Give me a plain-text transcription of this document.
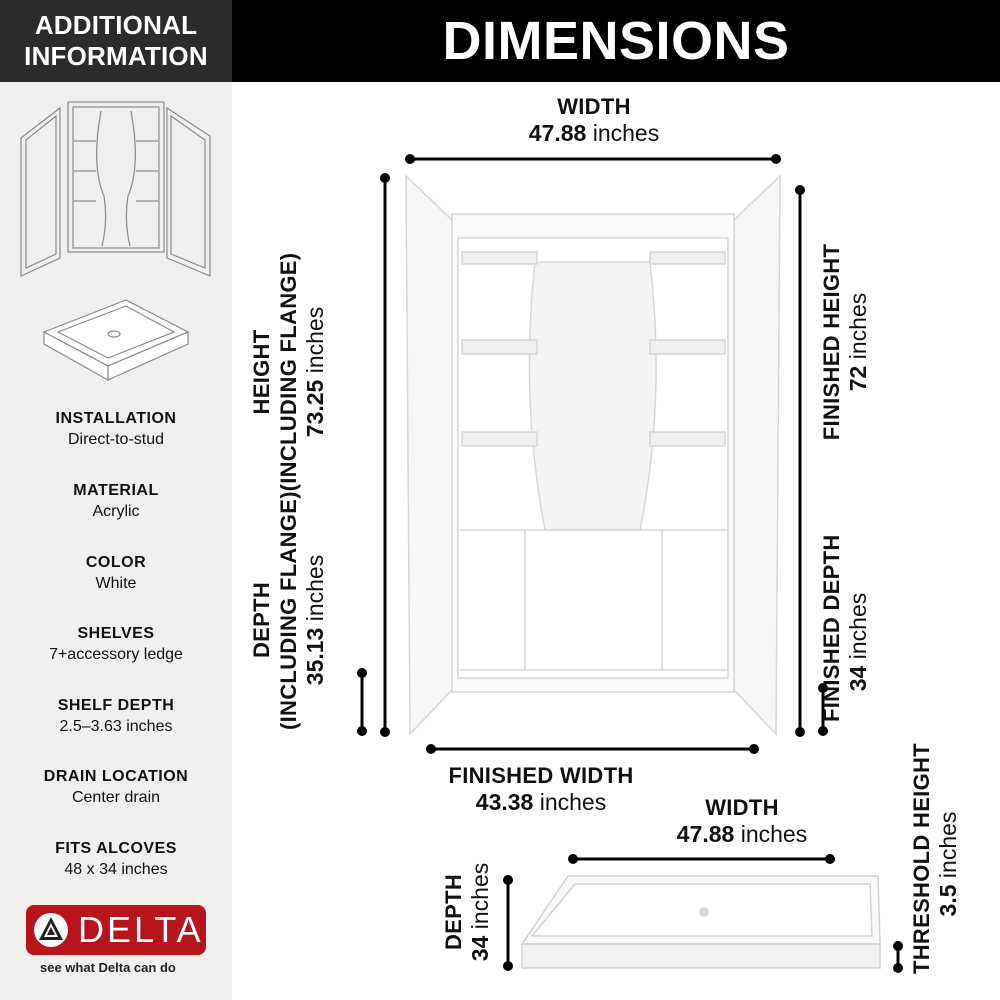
ADDITIONAL
INFORMATION
INSTALLATION
Direct-to-stud
MATERIAL
Acrylic
COLOR
White
SHELVES
7+accessory ledge
SHELF DEPTH
2.5–3.63 inches
DRAIN LOCATION
Center drain
FITS ALCOVES
48 x 34 inches
DELTA
see what Delta can do
DIMENSIONS
WIDTH
47.88 inches
HEIGHT (INCLUDING FLANGE) 73.25 inches
DEPTH (INCLUDING FLANGE) 35.13 inches
FINISHED HEIGHT 72 inches
FINISHED DEPTH 34 inches
FINISHED WIDTH
43.38 inches	WIDTH
47.88 inches
DEPTH 34 inches	THRESHOLD HEIGHT 3.5 inches
